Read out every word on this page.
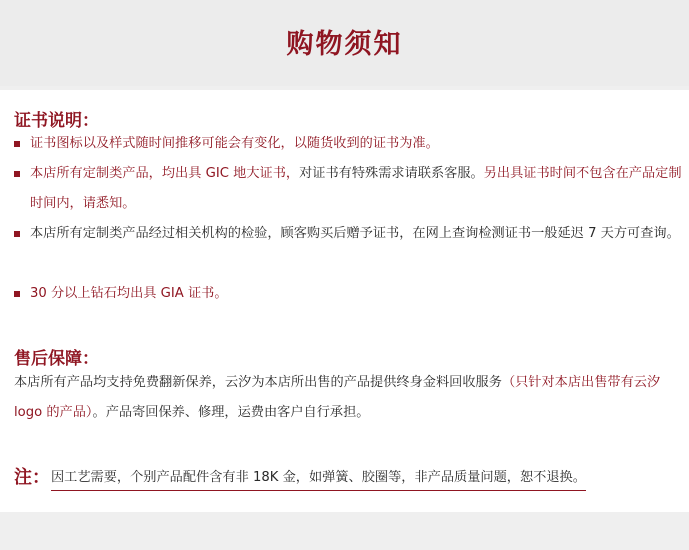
购物须知
证书说明：
证书图标以及样式随时间推移可能会有变化，以随货收到的证书为准。
本店所有定制类产品，均出具 GIC 地大证书，对证书有特殊需求请联系客服。另出具证书时间不包含在产品定制时间内，请悉知。
本店所有定制类产品经过相关机构的检验，顾客购买后赠予证书，在网上查询检测证书一般延迟 7 天方可查询。
30 分以上钻石均出具 GIA 证书。
售后保障：
本店所有产品均支持免费翻新保养，云汐为本店所出售的产品提供终身金料回收服务（只针对本店出售带有云汐 logo 的产品）。产品寄回保养、修理，运费由客户自行承担。
注： 因工艺需要，个别产品配件含有非 18K 金，如弹簧、胶圈等，非产品质量问题，恕不退换。
